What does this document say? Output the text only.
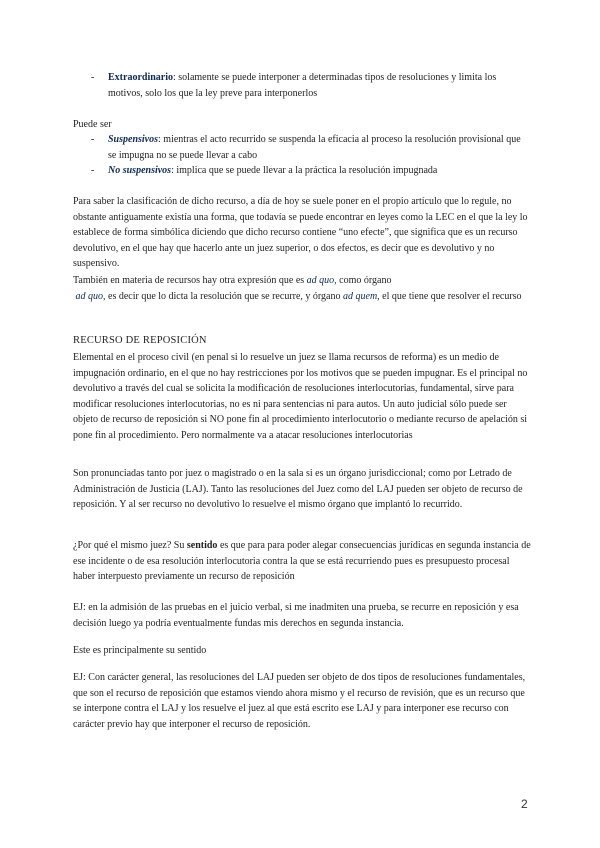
-	Extraordinario: solamente se puede interponer a determinadas tipos de resoluciones y limita los motivos, solo los que la ley preve para interponerlos

Puede ser

-	Suspensivos: mientras el acto recurrido se suspenda la eficacia al proceso la resolución provisional que se impugna no se puede llevar a cabo
-	No suspensivos: implica que se puede llevar a la práctica la resolución impugnada

Para saber la clasificación de dicho recurso, a día de hoy se suele poner en el propio artículo que lo regule, no obstante antiguamente existía una forma, que todavía se puede encontrar en leyes como la LEC en el que la ley lo establece de forma simbólica diciendo que dicho recurso contiene “uno efecte”, que significa que es un recurso devolutivo, en el que hay que hacerlo ante un juez superior, o dos efectos, es decir que es devolutivo y no suspensivo.

También en materia de recursos hay otra expresión que es ad quo, como órgano
ad quo, es decir que lo dicta la resolución que se recurre, y órgano ad quem, el que tiene que resolver el recurso

RECURSO DE REPOSICIÓN

Elemental en el proceso civil (en penal si lo resuelve un juez se llama recursos de reforma) es un medio de impugnación ordinario, en el que no hay restricciones por los motivos que se pueden impugnar. Es el principal no devolutivo a través del cual se solicita la modificación de resoluciones interlocutorias, fundamental, sirve para modificar resoluciones interlocutorias, no es ni para sentencias ni para autos. Un auto judicial sólo puede ser objeto de recurso de reposición si NO pone fin al procedimiento interlocutorio o mediante recurso de apelación si pone fin al procedimiento. Pero normalmente va a atacar resoluciones interlocutorias

Son pronunciadas tanto por juez o magistrado o en la sala si es un órgano jurisdiccional; como por Letrado de Administración de Justicia (LAJ). Tanto las resoluciones del Juez como del LAJ pueden ser objeto de recurso de reposición. Y al ser recurso no devolutivo lo resuelve el mismo órgano que implantó lo recurrido.

¿Por qué el mismo juez? Su sentido es que para para poder alegar consecuencias jurídicas en segunda instancia de ese incidente o de esa resolución interlocutoria contra la que se está recurriendo pues es presupuesto procesal haber interpuesto previamente un recurso de reposición

EJ: en la admisión de las pruebas en el juicio verbal, si me inadmiten una prueba, se recurre en reposición y esa decisión luego ya podría eventualmente fundas mis derechos en segunda instancia.

Este es principalmente su sentido

EJ: Con carácter general, las resoluciones del LAJ pueden ser objeto de dos tipos de resoluciones fundamentales, que son el recurso de reposición que estamos viendo ahora mismo y el recurso de revisión, que es un recurso que se interpone contra el LAJ y los resuelve el juez al que está escrito ese LAJ y para interponer ese recurso con carácter previo hay que interponer el recurso de reposición.

2
